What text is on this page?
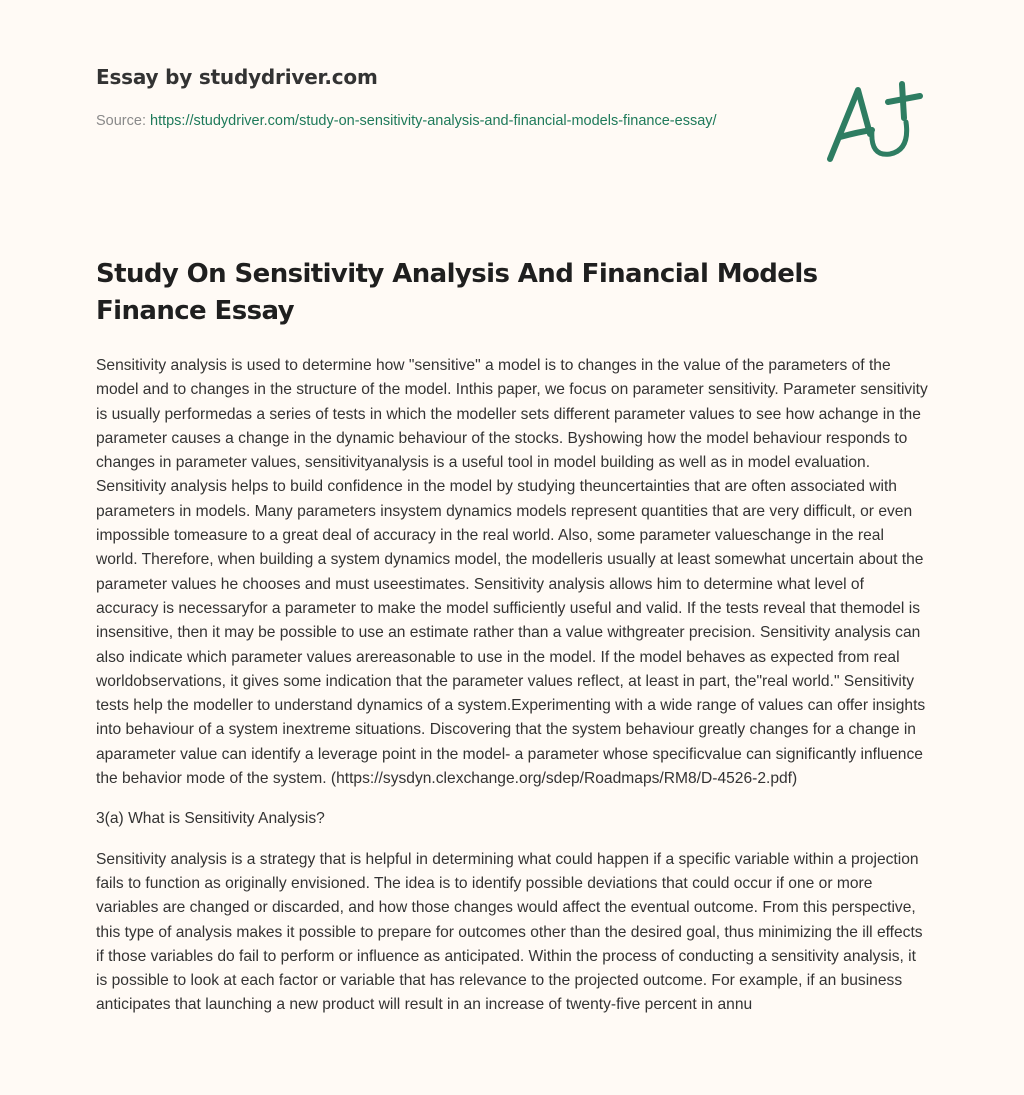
Essay by studydriver.com
Source: https://studydriver.com/study-on-sensitivity-analysis-and-financial-models-finance-essay/
Study On Sensitivity Analysis And Financial Models Finance Essay

Sensitivity analysis is used to determine how "sensitive" a model is to changes in the value of the parameters of the model and to changes in the structure of the model. Inthis paper, we focus on parameter sensitivity. Parameter sensitivity is usually performedas a series of tests in which the modeller sets different parameter values to see how achange in the parameter causes a change in the dynamic behaviour of the stocks. Byshowing how the model behaviour responds to changes in parameter values, sensitivityanalysis is a useful tool in model building as well as in model evaluation. Sensitivity analysis helps to build confidence in the model by studying theuncertainties that are often associated with parameters in models. Many parameters insystem dynamics models represent quantities that are very difficult, or even impossible tomeasure to a great deal of accuracy in the real world. Also, some parameter valueschange in the real world. Therefore, when building a system dynamics model, the modelleris usually at least somewhat uncertain about the parameter values he chooses and must useestimates. Sensitivity analysis allows him to determine what level of accuracy is necessaryfor a parameter to make the model sufficiently useful and valid. If the tests reveal that themodel is insensitive, then it may be possible to use an estimate rather than a value withgreater precision. Sensitivity analysis can also indicate which parameter values arereasonable to use in the model. If the model behaves as expected from real worldobservations, it gives some indication that the parameter values reflect, at least in part, the"real world." Sensitivity tests help the modeller to understand dynamics of a system.Experimenting with a wide range of values can offer insights into behaviour of a system inextreme situations. Discovering that the system behaviour greatly changes for a change in aparameter value can identify a leverage point in the model- a parameter whose specificvalue can significantly influence the behavior mode of the system. (https://sysdyn.clexchange.org/sdep/Roadmaps/RM8/D-4526-2.pdf)

3(a) What is Sensitivity Analysis?

Sensitivity analysis is a strategy that is helpful in determining what could happen if a specific variable within a projection fails to function as originally envisioned. The idea is to identify possible deviations that could occur if one or more variables are changed or discarded, and how those changes would affect the eventual outcome. From this perspective, this type of analysis makes it possible to prepare for outcomes other than the desired goal, thus minimizing the ill effects if those variables do fail to perform or influence as anticipated. Within the process of conducting a sensitivity analysis, it is possible to look at each factor or variable that has relevance to the projected outcome. For example, if an business anticipates that launching a new product will result in an increase of twenty-five percent in annu
